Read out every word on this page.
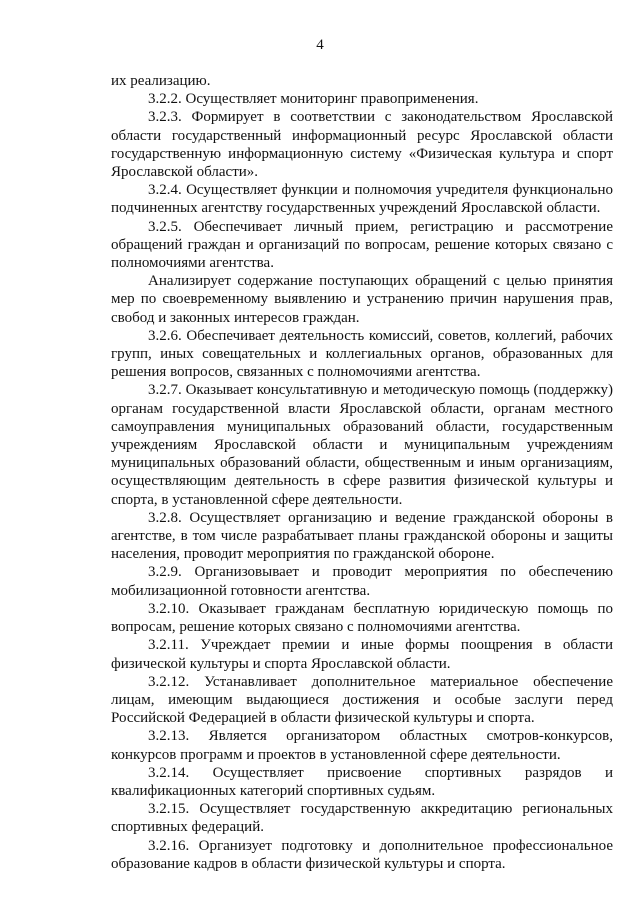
4

их реализацию.

3.2.2. Осуществляет мониторинг правоприменения.

3.2.3. Формирует в соответствии с законодательством Ярославской области государственный информационный ресурс Ярославской области государственную информационную систему «Физическая культура и спорт Ярославской области».

3.2.4. Осуществляет функции и полномочия учредителя функционально подчиненных агентству государственных учреждений Ярославской области.

3.2.5. Обеспечивает личный прием, регистрацию и рассмотрение обращений граждан и организаций по вопросам, решение которых связано с полномочиями агентства.

Анализирует содержание поступающих обращений с целью принятия мер по своевременному выявлению и устранению причин нарушения прав, свобод и законных интересов граждан.

3.2.6. Обеспечивает деятельность комиссий, советов, коллегий, рабочих групп, иных совещательных и коллегиальных органов, образованных для решения вопросов, связанных с полномочиями агентства.

3.2.7. Оказывает консультативную и методическую помощь (поддержку) органам государственной власти Ярославской области, органам местного самоуправления муниципальных образований области, государственным учреждениям Ярославской области и муниципальным учреждениям муниципальных образований области, общественным и иным организациям, осуществляющим деятельность в сфере развития физической культуры и спорта, в установленной сфере деятельности.

3.2.8. Осуществляет организацию и ведение гражданской обороны в агентстве, в том числе разрабатывает планы гражданской обороны и защиты населения, проводит мероприятия по гражданской обороне.

3.2.9. Организовывает и проводит мероприятия по обеспечению мобилизационной готовности агентства.

3.2.10. Оказывает гражданам бесплатную юридическую помощь по вопросам, решение которых связано с полномочиями агентства.

3.2.11. Учреждает премии и иные формы поощрения в области физической культуры и спорта Ярославской области.

3.2.12. Устанавливает дополнительное материальное обеспечение лицам, имеющим выдающиеся достижения и особые заслуги перед Российской Федерацией в области физической культуры и спорта.

3.2.13. Является организатором областных смотров-конкурсов, конкурсов программ и проектов в установленной сфере деятельности.

3.2.14. Осуществляет присвоение спортивных разрядов и квалификационных категорий спортивных судьям.

3.2.15. Осуществляет государственную аккредитацию региональных спортивных федераций.

3.2.16. Организует подготовку и дополнительное профессиональное образование кадров в области физической культуры и спорта.
